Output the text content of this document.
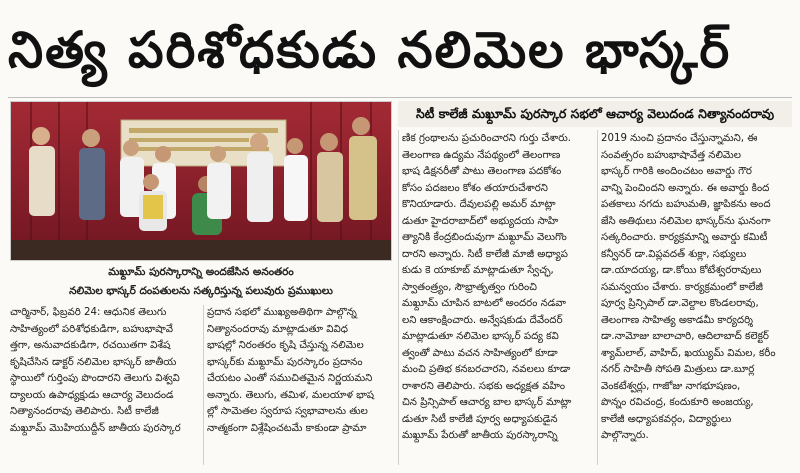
నిత్య పరిశోధకుడు నలిమెల భాస్కర్
మఖ్దూమ్ పురస్కారాన్ని అందజేసిన అనంతరం
నలిమెల భాస్కర్ దంపతులను సత్కరిస్తున్న పలువురు ప్రముఖులు
సిటీ కాలేజీ మఖ్దూమ్ పురస్కార సభలో ఆచార్య వెలుదండ నిత్యానందరావు
చార్మినార్, ఫిబ్రవరి 24: ఆధునిక తెలుగు
సాహిత్యంలో పరిశోధకుడిగా, బహుభాషావే
త్తగా, అనువాదకుడిగా, రచయితగా విశేష
కృషిచేసిన డాక్టర్ నలిమెల భాస్కర్ జాతీయ
స్థాయిలో గుర్తింపు పొందారని తెలుగు విశ్వవి
ద్యాలయ ఉపాధ్యక్షుడు ఆచార్య వెలుదండ
నిత్యానందరావు తెలిపారు. సిటీ కాలేజీ
మఖ్దూమ్ మొహియుద్దీన్ జాతీయ పురస్కార
ప్రదాన సభలో ముఖ్యఅతిథిగా పాల్గొన్న
నిత్యానందరావు మాట్లాడుతూ వివిధ
భాషల్లో నిరంతరం కృషి చేస్తున్న నలిమెల
భాస్కర్‌కు మఖ్దూమ్ పురస్కారం ప్రదానం
చేయటం ఎంతో సముచితమైన నిర్ణయమని
అన్నారు. తెలుగు, తమిళ, మలయాళ భాష
ల్లో సామెతల స్వరూప స్వభావాలను తుల
నాత్మకంగా విశ్లేషించటమే కాకుండా ప్రామా
ణిక గ్రంథాలను ప్రచురించారని గుర్తు చేశారు.
తెలంగాణ ఉద్యమ నేపథ్యంలో తెలంగాణ
భాష డిక్షనరీతో పాటు తెలంగాణ పదకోశం
కోసం పదజలం కోశం తయారుచేశారని
కొనియాడారు. దేవులపల్లి అమర్ మాట్లా
డుతూ హైదరాబాద్‌లో అభ్యుదయ సాహి
త్యానికి కేంద్రబిందువుగా మఖ్దూమ్ వెలుగొం
దారని అన్నారు. సిటీ కాలేజీ మాజీ అధ్యాప
కుడు కె యాకూబ్ మాట్లాడుతూ స్వేచ్ఛ,
స్వాతంత్ర్యం, సౌభ్రాతృత్వం గురించి
మఖ్దూమ్ చూపిన బాటలో అందరం నడవా
లని ఆకాంక్షించారు. అన్వేషకుడు దేవేందర్
మాట్లాడుతూ నలిమెల భాస్కర్ పద్య కవి
త్వంతో పాటు వచన సాహిత్యంలో కూడా
మంచి ప్రతిభ కనబరచారని, నవలలు కూడా
రాశారని తెలిపారు. సభకు అధ్యక్షత వహిం
చిన ప్రిన్సిపాల్ ఆచార్య బాల భాస్కర్ మాట్లా
డుతూ సిటీ కాలేజీ పూర్వ అధ్యాపకుడైన
మఖ్దూమ్ పేరుతో జాతీయ పురస్కారాన్ని
2019 నుంచి ప్రదానం చేస్తున్నామని, ఈ
సంవత్సరం బహుభాషావేత్త నలిమెల
భాస్కర్ గారికి అందించటం అవార్డు గౌర
వాన్ని పెంచిందని అన్నారు. ఈ అవార్డు కింద
పతకాలు నగదు బహుమతి, జ్ఞాపికను అంద
జేసి అతిథులు నలిమెల భాస్కర్‌ను ఘనంగా
సత్కరించారు. కార్యక్రమాన్ని అవార్డు కమిటీ
కన్వీనర్ డా.విప్లవదత్ శుక్లా, సభ్యులు
డా.యాదయ్య, డా.కోయి కోటేశ్వరరావులు
సమన్వయం చేశారు. కార్యక్రమంలో కాలేజీ
పూర్వ ప్రిన్సిపాల్ డా.వెల్దాల కొండలరావు,
తెలంగాణ సాహిత్య అకాడమీ కార్యదర్శి
డా.నామోజు బాలాచారి, ఆదిలాబాద్ కలెక్టర్
శ్యామ్‌లాల్, వాహిద్, ఖయ్యుమ్ విమల, కరీం
నగర్ సాహితీ సోపతి మిత్రులు డా.బూర్ల
వెంకటేశ్వర్లు, గాజోజు నాగభూషణం,
పొన్నం రవిచంద్ర, కందుకూరి అంజయ్య,
కాలేజీ అధ్యాపకవర్గం, విద్యార్థులు
పాల్గొన్నారు.
